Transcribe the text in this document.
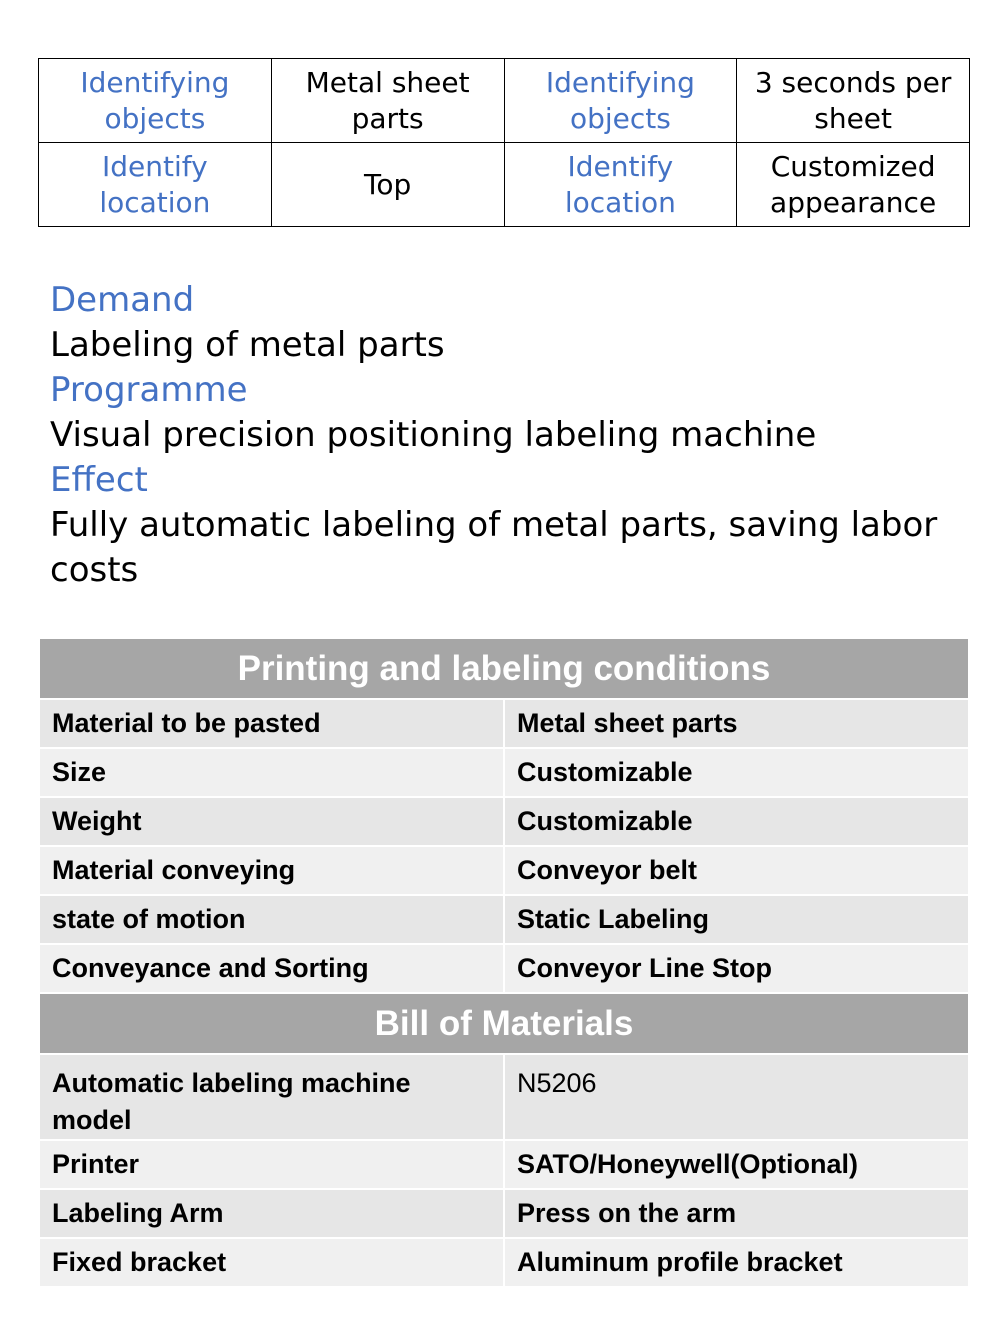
Identifying objects	Metal sheet parts	Identifying objects	3 seconds per sheet
Identify location	Top	Identify location	Customized appearance
Demand
Labeling of metal parts
Programme
Visual precision positioning labeling machine
Effect
Fully automatic labeling of metal parts, saving labor costs
Printing and labeling conditions	
Material to be pasted	Metal sheet parts
Size	Customizable
Weight	Customizable
Material conveying	Conveyor belt
state of motion	Static Labeling
Conveyance and Sorting	Conveyor Line Stop
Bill of Materials	
Automatic labeling machine model	N5206
Printer	SATO/Honeywell(Optional)
Labeling Arm	Press on the arm
Fixed bracket	Aluminum profile bracket
